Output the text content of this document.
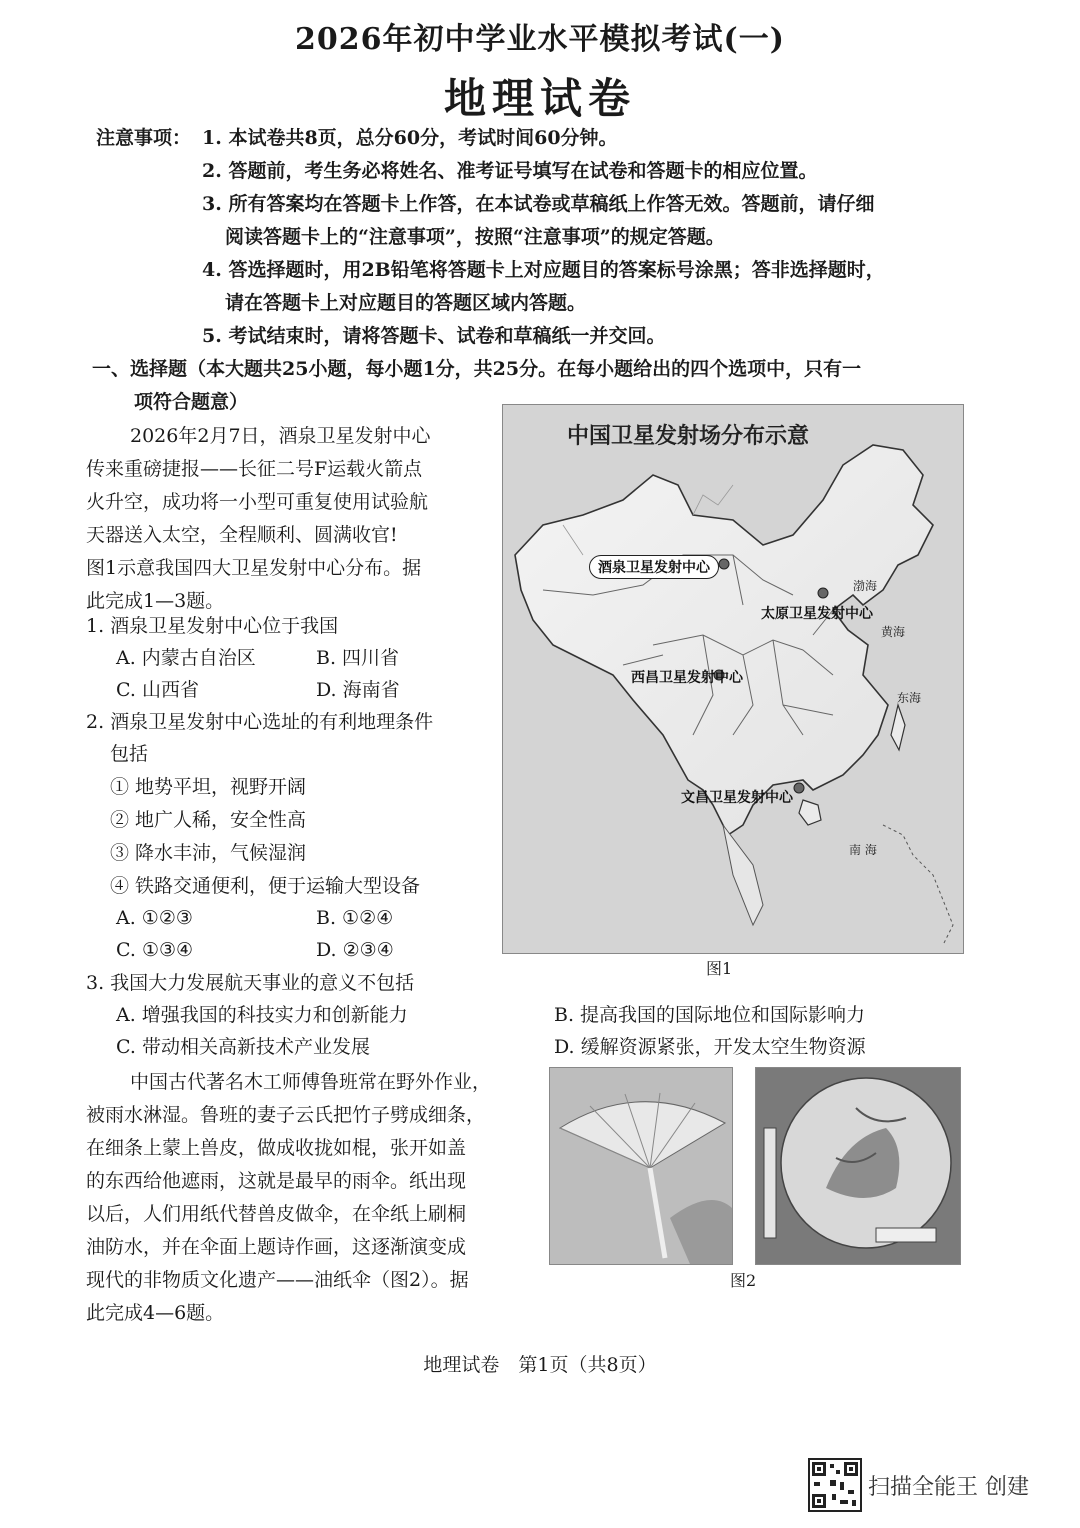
2026年初中学业水平模拟考试(一)
地理试卷
注意事项： 1. 本试卷共8页，总分60分，考试时间60分钟。
2. 答题前，考生务必将姓名、准考证号填写在试卷和答题卡的相应位置。
3. 所有答案均在答题卡上作答，在本试卷或草稿纸上作答无效。答题前，请仔细
阅读答题卡上的“注意事项”，按照“注意事项”的规定答题。
4. 答选择题时，用2B铅笔将答题卡上对应题目的答案标号涂黑；答非选择题时，
请在答题卡上对应题目的答题区域内答题。
5. 考试结束时，请将答题卡、试卷和草稿纸一并交回。
一、选择题（本大题共25小题，每小题1分，共25分。在每小题给出的四个选项中，只有一
项符合题意）
2026年2月7日，酒泉卫星发射中心
传来重磅捷报——长征二号F运载火箭点
火升空，成功将一小型可重复使用试验航
天器送入太空，全程顺利、圆满收官!
图1示意我国四大卫星发射中心分布。据
此完成1—3题。
1. 酒泉卫星发射中心位于我国
A. 内蒙古自治区	B. 四川省
C. 山西省	D. 海南省
2. 酒泉卫星发射中心选址的有利地理条件
包括
① 地势平坦，视野开阔
② 地广人稀，安全性高
③ 降水丰沛，气候湿润
④ 铁路交通便利，便于运输大型设备
A. ①②③	B. ①②④
C. ①③④	D. ②③④
3. 我国大力发展航天事业的意义不包括
A. 增强我国的科技实力和创新能力	B. 提高我国的国际地位和国际影响力
C. 带动相关高新技术产业发展	D. 缓解资源紧张，开发太空生物资源
中国卫星发射场分布示意
酒泉卫星发射中心
太原卫星发射中心
西昌卫星发射中心
文昌卫星发射中心
渤海
黄海
东海
南 海
图1
中国古代著名木工师傅鲁班常在野外作业，
被雨水淋湿。鲁班的妻子云氏把竹子劈成细条，
在细条上蒙上兽皮，做成收拢如棍，张开如盖
的东西给他遮雨，这就是最早的雨伞。纸出现
以后，人们用纸代替兽皮做伞，在伞纸上刷桐
油防水，并在伞面上题诗作画，这逐渐演变成
现代的非物质文化遗产——油纸伞（图2）。据
此完成4—6题。
图2
地理试卷　第1页（共8页）
扫描全能王 创建
